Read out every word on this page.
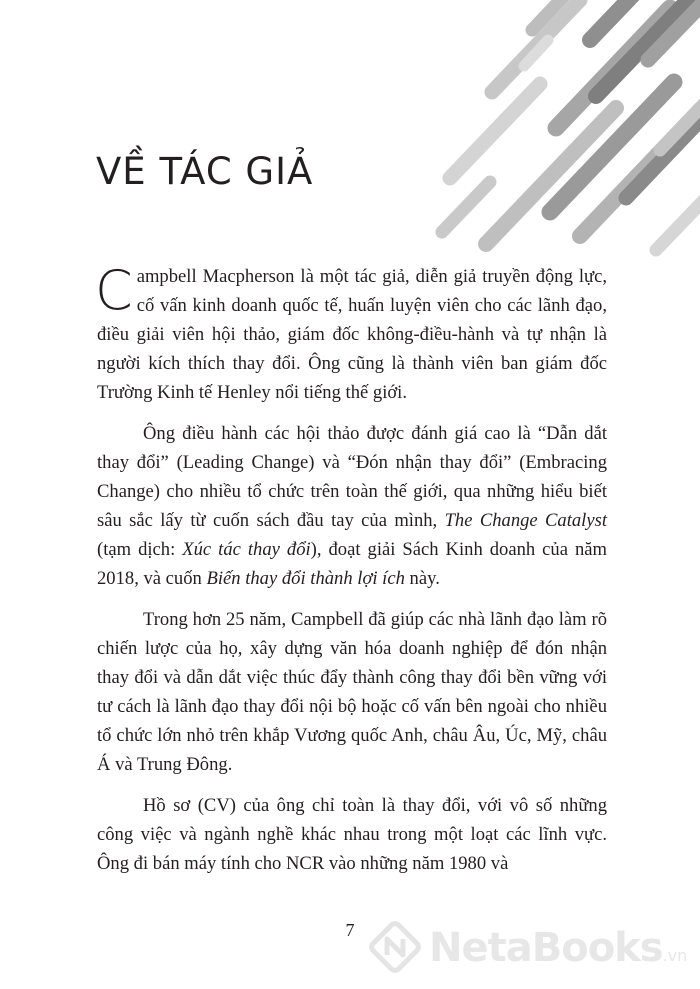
VỀ TÁC GIẢ

Campbell Macpherson là một tác giả, diễn giả truyền động lực, cố vấn kinh doanh quốc tế, huấn luyện viên cho các lãnh đạo, điều giải viên hội thảo, giám đốc không-điều-hành và tự nhận là người kích thích thay đổi. Ông cũng là thành viên ban giám đốc Trường Kinh tế Henley nổi tiếng thế giới.

Ông điều hành các hội thảo được đánh giá cao là “Dẫn dắt thay đổi” (Leading Change) và “Đón nhận thay đổi” (Embracing Change) cho nhiều tổ chức trên toàn thế giới, qua những hiểu biết sâu sắc lấy từ cuốn sách đầu tay của mình, The Change Catalyst (tạm dịch: Xúc tác thay đổi), đoạt giải Sách Kinh doanh của năm 2018, và cuốn Biến thay đổi thành lợi ích này.

Trong hơn 25 năm, Campbell đã giúp các nhà lãnh đạo làm rõ chiến lược của họ, xây dựng văn hóa doanh nghiệp để đón nhận thay đổi và dẫn dắt việc thúc đẩy thành công thay đổi bền vững với tư cách là lãnh đạo thay đổi nội bộ hoặc cố vấn bên ngoài cho nhiều tổ chức lớn nhỏ trên khắp Vương quốc Anh, châu Âu, Úc, Mỹ, châu Á và Trung Đông.

Hồ sơ (CV) của ông chỉ toàn là thay đổi, với vô số những công việc và ngành nghề khác nhau trong một loạt các lĩnh vực. Ông đi bán máy tính cho NCR vào những năm 1980 và

7	NetaBooks.vn
